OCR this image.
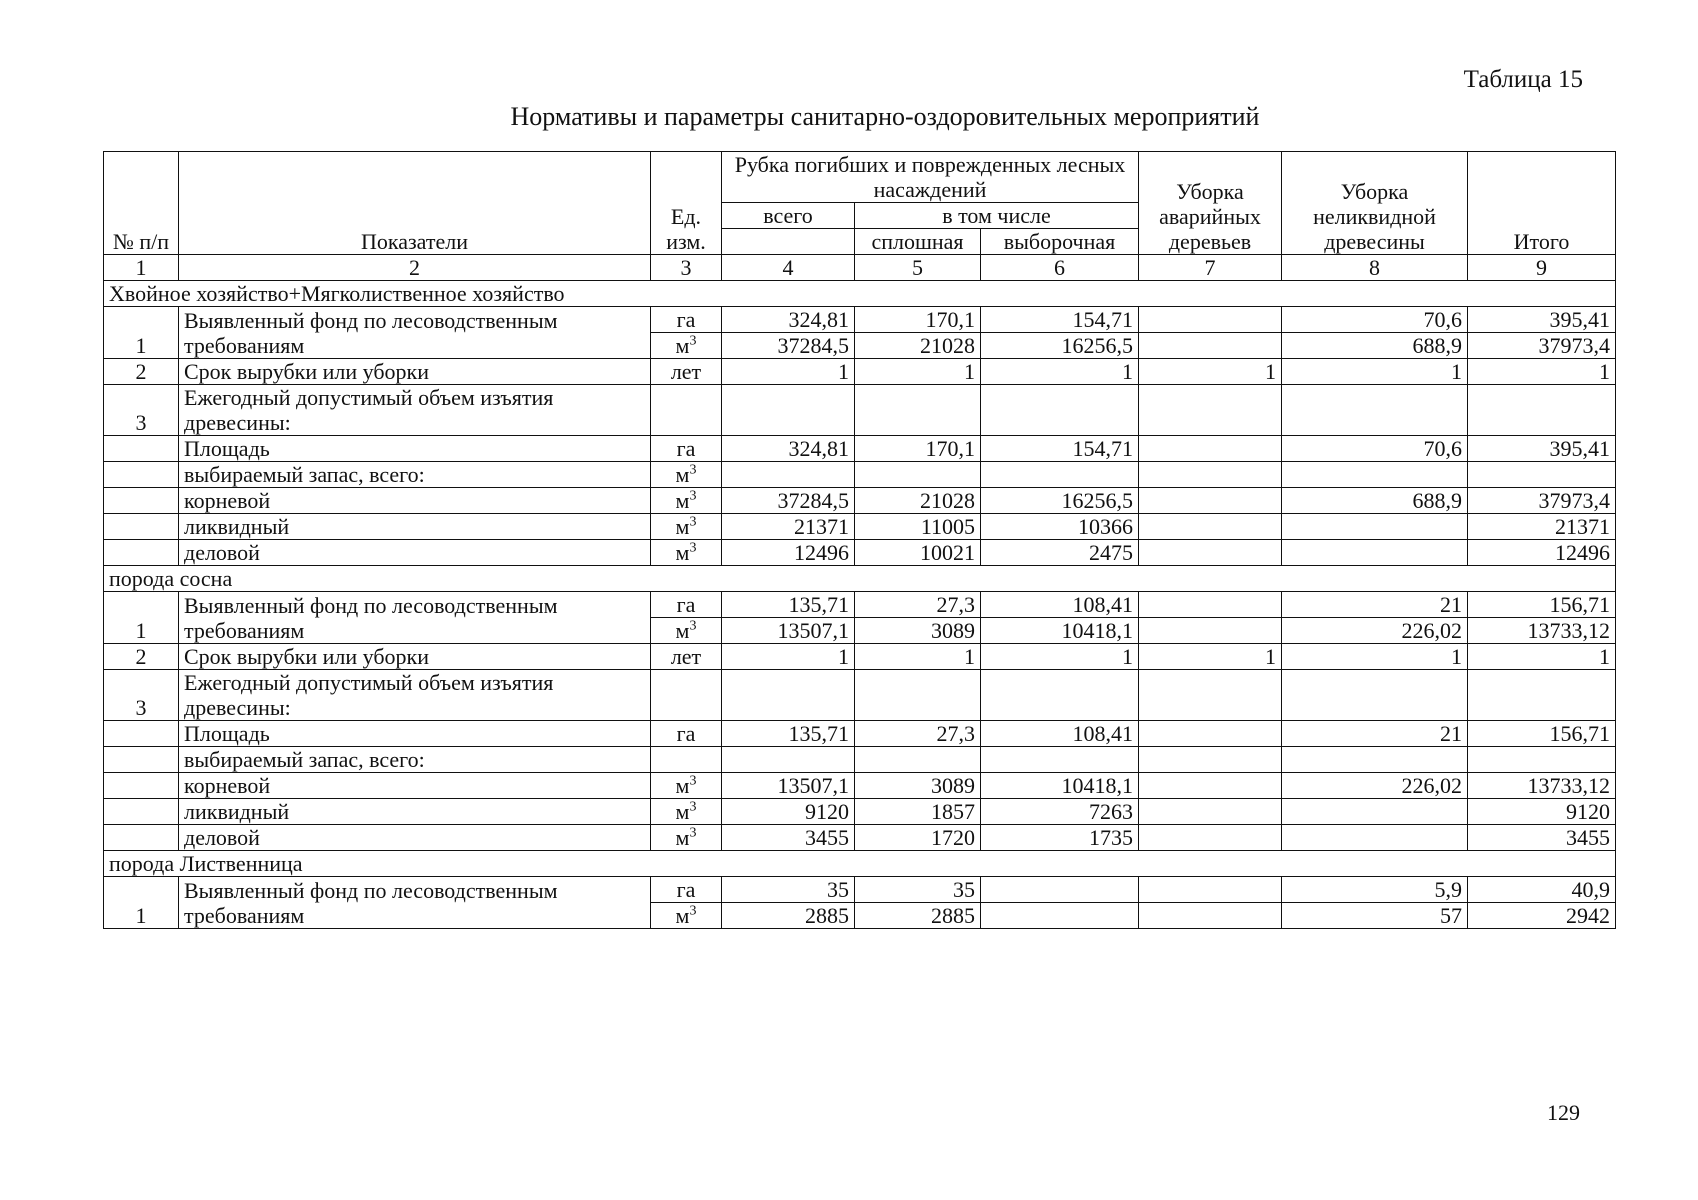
Таблица 15
Нормативы и параметры санитарно-оздоровительных мероприятий
№ п/п	Показатели	Ед. изм.	Рубка погибших и поврежденных лесных насаждений			Уборка аварийных деревьев	Уборка неликвидной древесины	Итого
			всего	в том числе				

				сплошная	выборочная			
1	2	3	4	5	6	7	8	9
Хвойное хозяйство+Мягколиственное хозяйство								
1	Выявленный фонд по лесоводственным требованиям	га	324,81	170,1	154,71		70,6	395,41
		$м^3$	37284,5	21028	16256,5		688,9	37973,4
2	Срок вырубки или уборки	лет	1	1	1	1	1	1
3	Ежегодный допустимый объем изъятия древесины:							
	Площадь	га	324,81	170,1	154,71		70,6	395,41
	выбираемый запас, всего:	$м^3$						
	корневой	$м^3$	37284,5	21028	16256,5		688,9	37973,4
	ликвидный	$м^3$	21371	11005	10366			21371
	деловой	$м^3$	12496	10021	2475			12496
порода сосна								
1	Выявленный фонд по лесоводственным требованиям	га	135,71	27,3	108,41		21	156,71
		$м^3$	13507,1	3089	10418,1		226,02	13733,12
2	Срок вырубки или уборки	лет	1	1	1	1	1	1
3	Ежегодный допустимый объем изъятия древесины:							
	Площадь	га	135,71	27,3	108,41		21	156,71
	выбираемый запас, всего:							
	корневой	$м^3$	13507,1	3089	10418,1		226,02	13733,12
	ликвидный	$м^3$	9120	1857	7263			9120
	деловой	$м^3$	3455	1720	1735			3455
порода Лиственница								
1	Выявленный фонд по лесоводственным требованиям	га	35	35			5,9	40,9
		$м^3$	2885	2885			57	2942
129
